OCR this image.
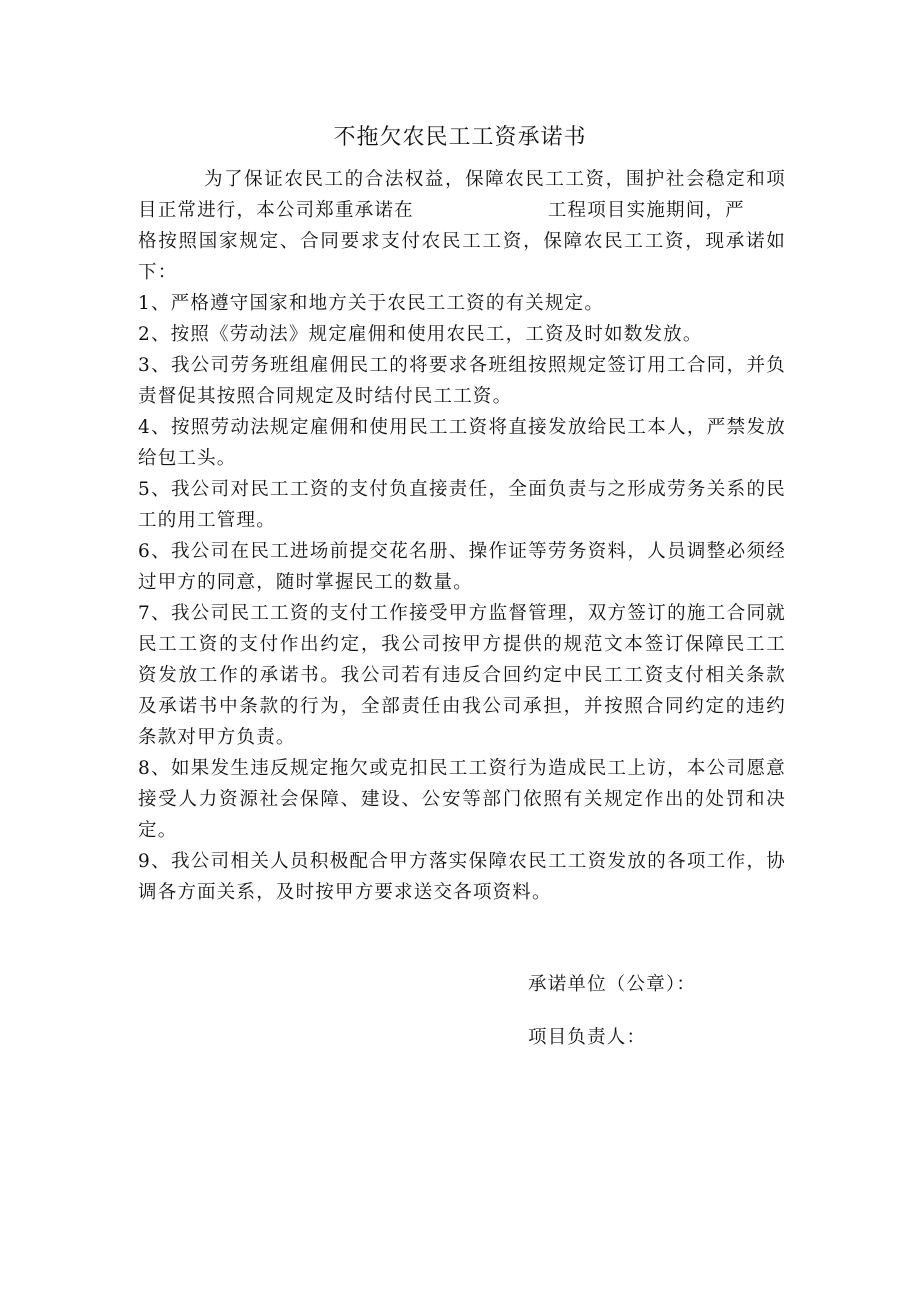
不拖欠农民工工资承诺书
为了保证农民工的合法权益，保障农民工工资，围护社会稳定和项
目正常进行，本公司郑重承诺在	工程项目实施期间，严
格按照国家规定、合同要求支付农民工工资，保障农民工工资，现承诺如
下：
1、严格遵守国家和地方关于农民工工资的有关规定。
2、按照《劳动法》规定雇佣和使用农民工，工资及时如数发放。
3、我公司劳务班组雇佣民工的将要求各班组按照规定签订用工合同，并负
责督促其按照合同规定及时结付民工工资。
4、按照劳动法规定雇佣和使用民工工资将直接发放给民工本人，严禁发放
给包工头。
5、我公司对民工工资的支付负直接责任，全面负责与之形成劳务关系的民
工的用工管理。
6、我公司在民工进场前提交花名册、操作证等劳务资料，人员调整必须经
过甲方的同意，随时掌握民工的数量。
7、我公司民工工资的支付工作接受甲方监督管理，双方签订的施工合同就
民工工资的支付作出约定，我公司按甲方提供的规范文本签订保障民工工
资发放工作的承诺书。我公司若有违反合回约定中民工工资支付相关条款
及承诺书中条款的行为，全部责任由我公司承担，并按照合同约定的违约
条款对甲方负责。
8、如果发生违反规定拖欠或克扣民工工资行为造成民工上访，本公司愿意
接受人力资源社会保障、建设、公安等部门依照有关规定作出的处罚和决
定。
9、我公司相关人员积极配合甲方落实保障农民工工资发放的各项工作，协
调各方面关系，及时按甲方要求送交各项资料。
承诺单位（公章）：
项目负责人：
